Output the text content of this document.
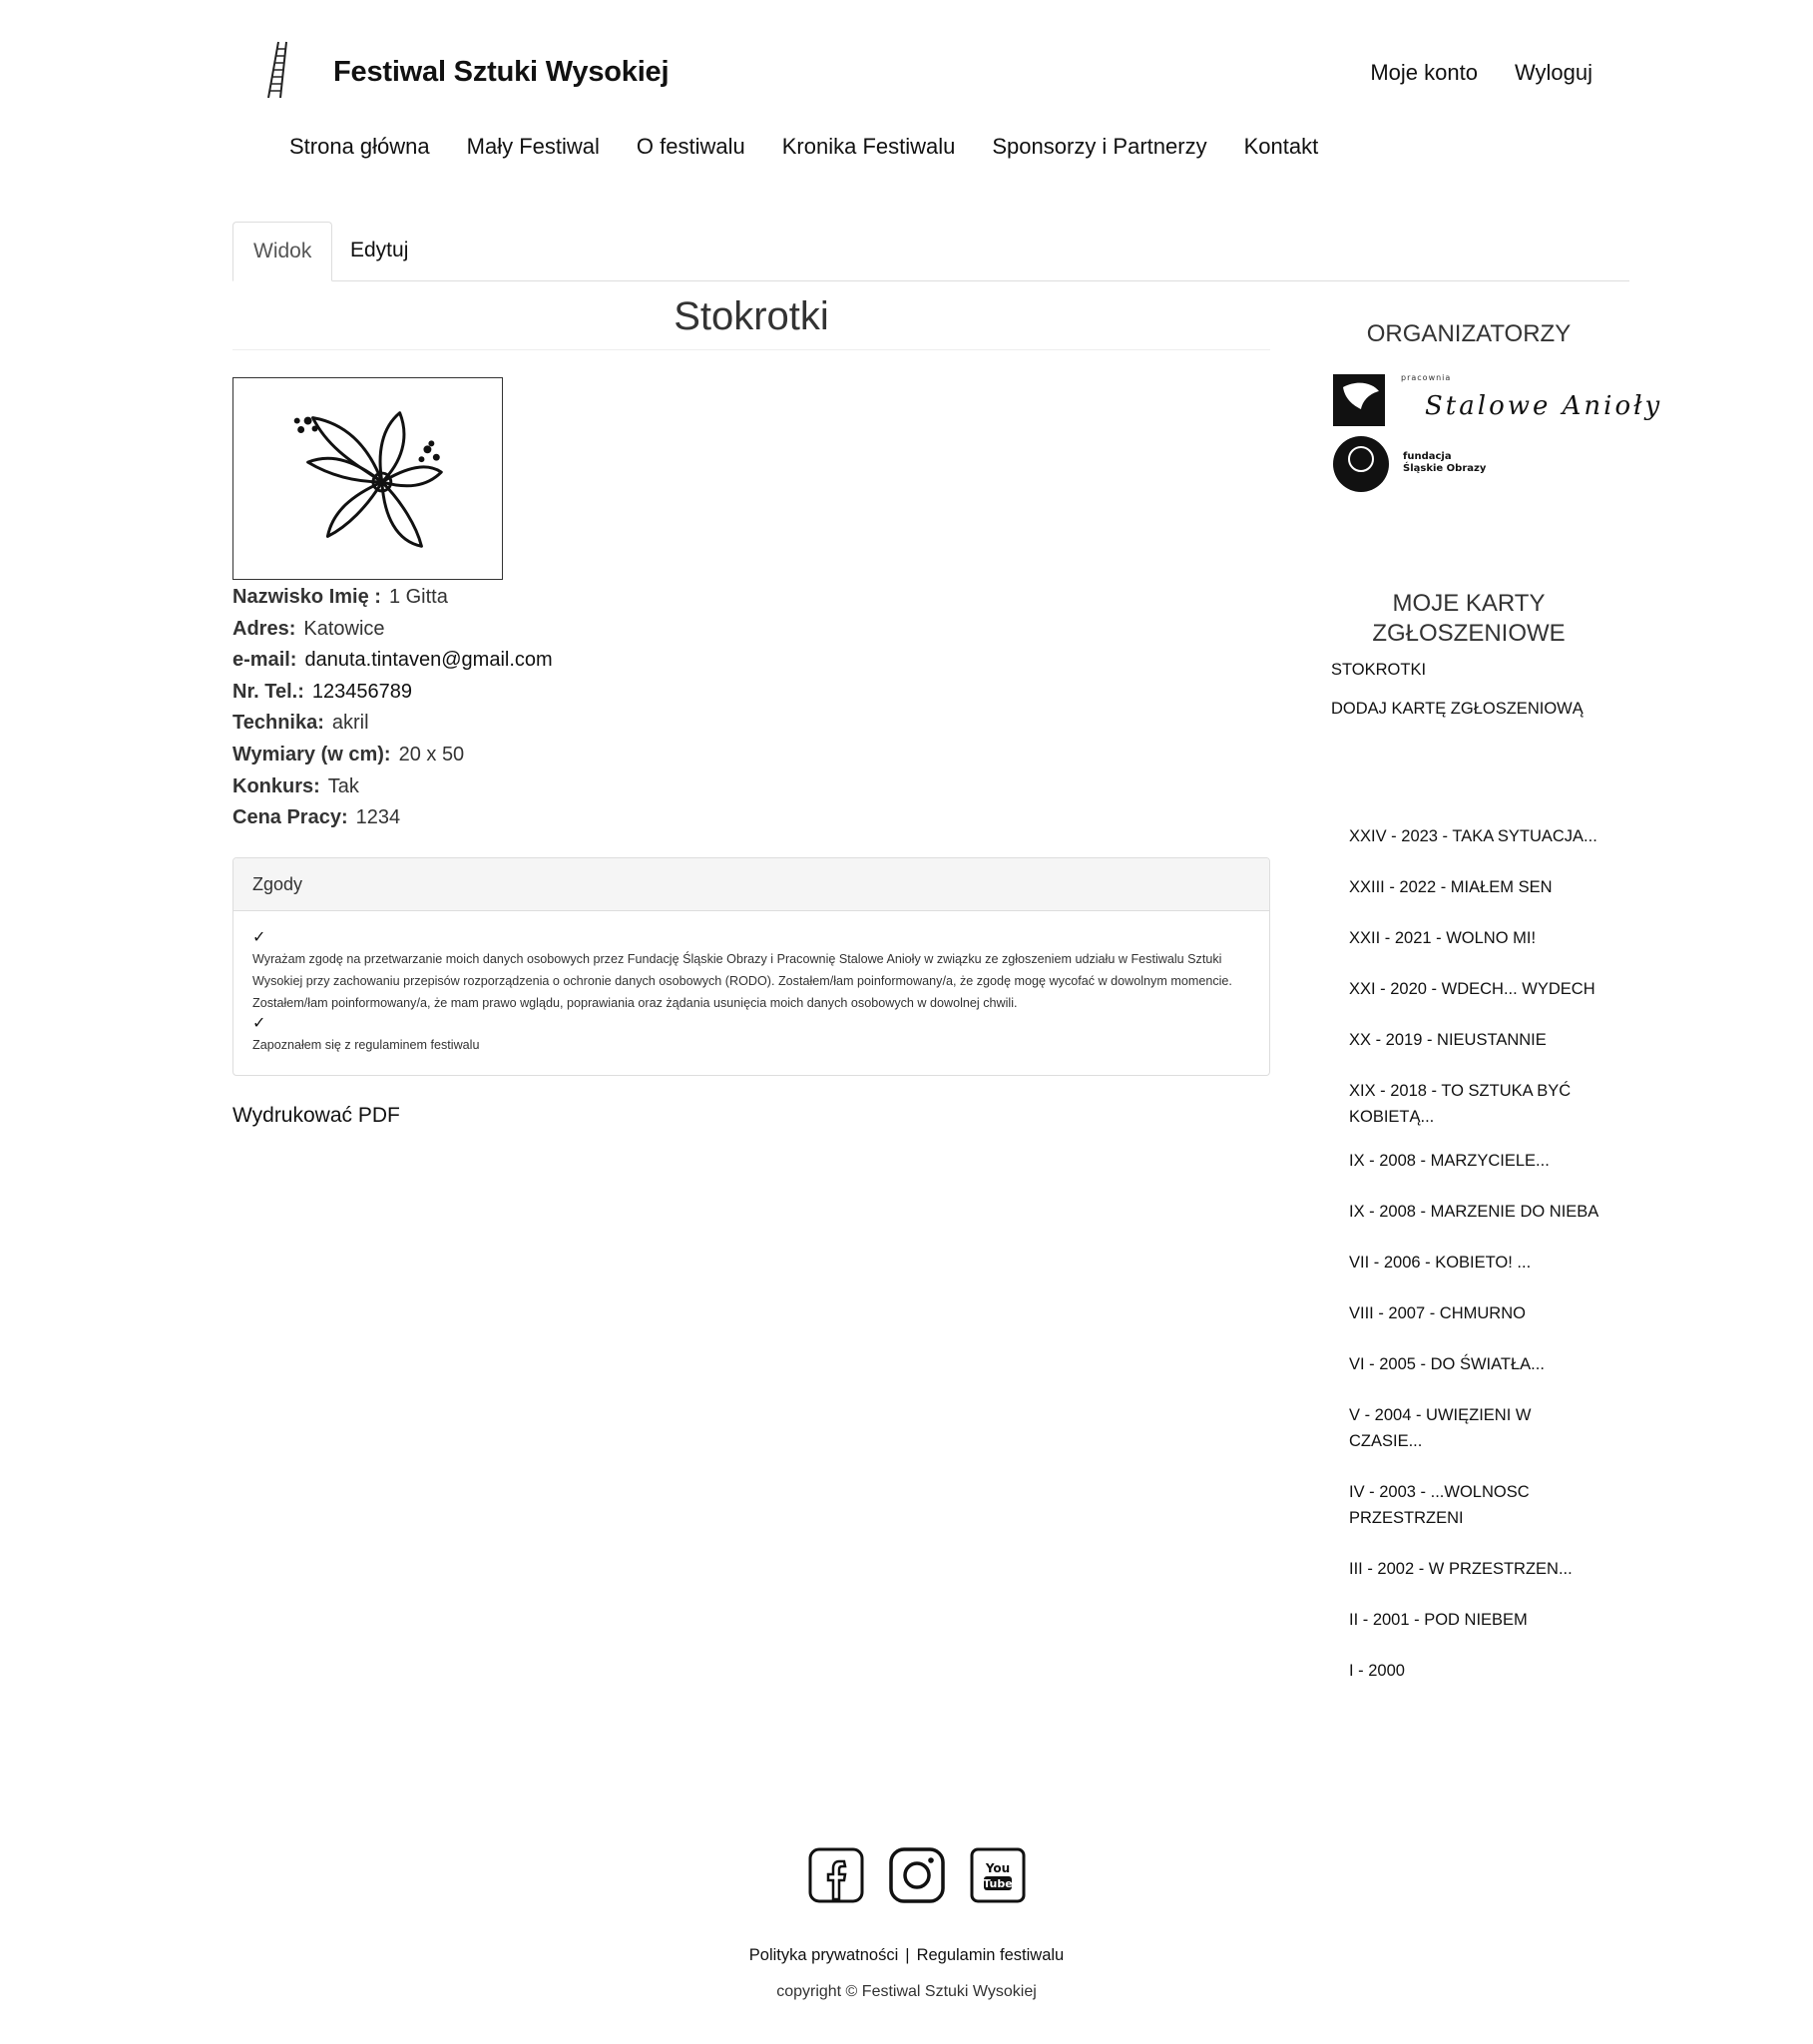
Festiwal Sztuki Wysokiej	Moje konto Wyloguj
Strona główna Mały Festiwal O festiwalu Kronika Festiwalu Sponsorzy i Partnerzy Kontakt
Widok	Edytuj
Stokrotki
Nazwisko Imię : 1 Gitta
Adres: Katowice
e-mail: danuta.tintaven@gmail.com
Nr. Tel.: 123456789
Technika: akril
Wymiary (w cm): 20 x 50
Konkurs: Tak
Cena Pracy: 1234
Zgody
✓
Wyrażam zgodę na przetwarzanie moich danych osobowych przez Fundację Śląskie Obrazy i Pracownię Stalowe Anioły w związku ze zgłoszeniem udziału w Festiwalu Sztuki Wysokiej przy zachowaniu przepisów rozporządzenia o ochronie danych osobowych (RODO). Zostałem/łam poinformowany/a, że zgodę mogę wycofać w dowolnym momencie. Zostałem/łam poinformowany/a, że mam prawo wglądu, poprawiania oraz żądania usunięcia moich danych osobowych w dowolnej chwili.
✓
Zapoznałem się z regulaminem festiwalu
Wydrukować PDF
ORGANIZATORZY
pracownia
Stalowe Anioły
fundacja
Śląskie Obrazy
MOJE KARTY
ZGŁOSZENIOWE
STOKROTKI
DODAJ KARTĘ ZGŁOSZENIOWĄ
XXIV - 2023 - TAKA SYTUACJA...
XXIII - 2022 - MIAŁEM SEN
XXII - 2021 - WOLNO MI!
XXI - 2020 - WDECH... WYDECH
XX - 2019 - NIEUSTANNIE
XIX - 2018 - TO SZTUKA BYĆ KOBIETĄ...
IX - 2008 - MARZYCIELE...
IX - 2008 - MARZENIE DO NIEBA
VII - 2006 - KOBIETO! ...
VIII - 2007 - CHMURNO
VI - 2005 - DO ŚWIATŁA...
V - 2004 - UWIĘZIENI W CZASIE...
IV - 2003 - ...WOLNOSC PRZESTRZENI
III - 2002 - W PRZESTRZEN...
II - 2001 - POD NIEBEM
I - 2000
You
Tube
Polityka prywatności | Regulamin festiwalu
copyright © Festiwal Sztuki Wysokiej
